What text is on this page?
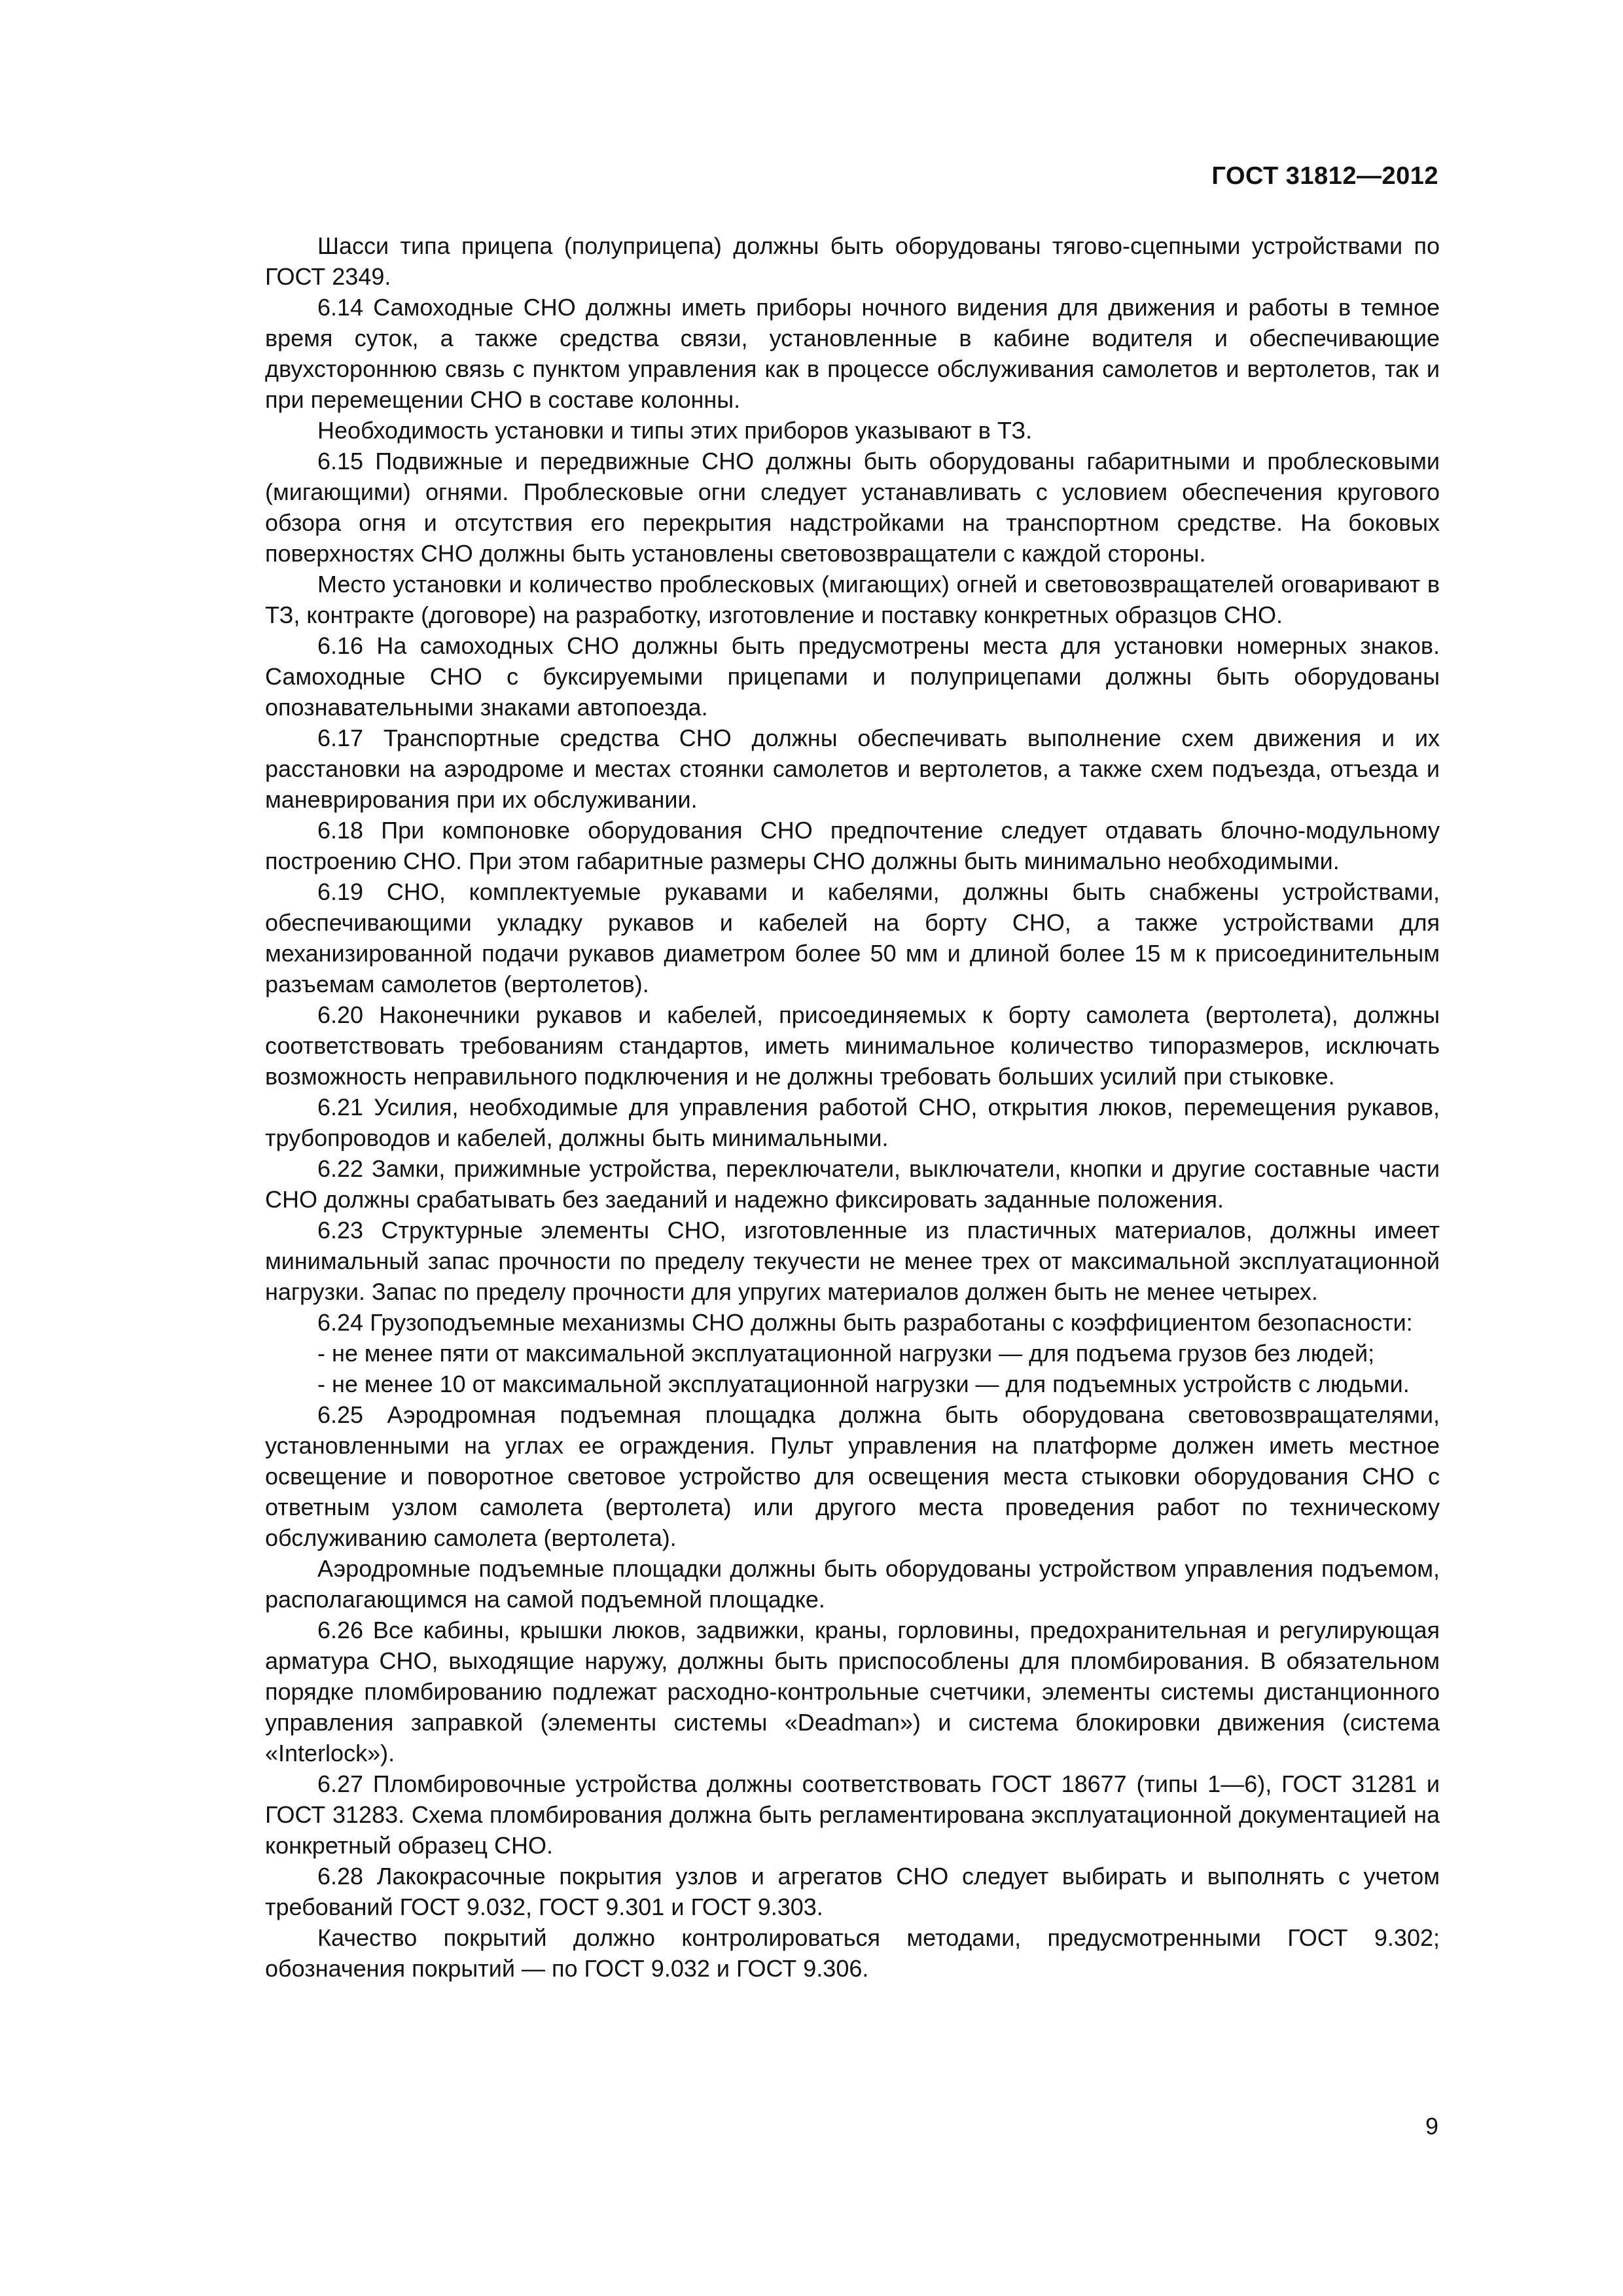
ГОСТ 31812—2012

Шасси типа прицепа (полуприцепа) должны быть оборудованы тягово-сцепными устройствами по ГОСТ 2349.

6.14 Самоходные СНО должны иметь приборы ночного видения для движения и работы в темное время суток, а также средства связи, установленные в кабине водителя и обеспечивающие двухстороннюю связь с пунктом управления как в процессе обслуживания самолетов и вертолетов, так и при перемещении СНО в составе колонны.

Необходимость установки и типы этих приборов указывают в ТЗ.

6.15 Подвижные и передвижные СНО должны быть оборудованы габаритными и проблесковыми (мигающими) огнями. Проблесковые огни следует устанавливать с условием обеспечения кругового обзора огня и отсутствия его перекрытия надстройками на транспортном средстве. На боковых поверхностях СНО должны быть установлены световозвращатели с каждой стороны.

Место установки и количество проблесковых (мигающих) огней и световозвращателей оговаривают в ТЗ, контракте (договоре) на разработку, изготовление и поставку конкретных образцов СНО.

6.16 На самоходных СНО должны быть предусмотрены места для установки номерных знаков. Самоходные СНО с буксируемыми прицепами и полуприцепами должны быть оборудованы опознавательными знаками автопоезда.

6.17 Транспортные средства СНО должны обеспечивать выполнение схем движения и их расстановки на аэродроме и местах стоянки самолетов и вертолетов, а также схем подъезда, отъезда и маневрирования при их обслуживании.

6.18 При компоновке оборудования СНО предпочтение следует отдавать блочно-модульному построению СНО. При этом габаритные размеры СНО должны быть минимально необходимыми.

6.19 СНО, комплектуемые рукавами и кабелями, должны быть снабжены устройствами, обеспечивающими укладку рукавов и кабелей на борту СНО, а также устройствами для механизированной подачи рукавов диаметром более 50 мм и длиной более 15 м к присоединительным разъемам самолетов (вертолетов).

6.20 Наконечники рукавов и кабелей, присоединяемых к борту самолета (вертолета), должны соответствовать требованиям стандартов, иметь минимальное количество типоразмеров, исключать возможность неправильного подключения и не должны требовать больших усилий при стыковке.

6.21 Усилия, необходимые для управления работой СНО, открытия люков, перемещения рукавов, трубопроводов и кабелей, должны быть минимальными.

6.22 Замки, прижимные устройства, переключатели, выключатели, кнопки и другие составные части СНО должны срабатывать без заеданий и надежно фиксировать заданные положения.

6.23 Структурные элементы СНО, изготовленные из пластичных материалов, должны имеет минимальный запас прочности по пределу текучести не менее трех от максимальной эксплуатационной нагрузки. Запас по пределу прочности для упругих материалов должен быть не менее четырех.

6.24 Грузоподъемные механизмы СНО должны быть разработаны с коэффициентом безопасности:

- не менее пяти от максимальной эксплуатационной нагрузки — для подъема грузов без людей;

- не менее 10 от максимальной эксплуатационной нагрузки — для подъемных устройств с людьми.

6.25 Аэродромная подъемная площадка должна быть оборудована световозвращателями, установленными на углах ее ограждения. Пульт управления на платформе должен иметь местное освещение и поворотное световое устройство для освещения места стыковки оборудования СНО с ответным узлом самолета (вертолета) или другого места проведения работ по техническому обслуживанию самолета (вертолета).

Аэродромные подъемные площадки должны быть оборудованы устройством управления подъемом, располагающимся на самой подъемной площадке.

6.26 Все кабины, крышки люков, задвижки, краны, горловины, предохранительная и регулирующая арматура СНО, выходящие наружу, должны быть приспособлены для пломбирования. В обязательном порядке пломбированию подлежат расходно-контрольные счетчики, элементы системы дистанционного управления заправкой (элементы системы «Deadman») и система блокировки движения (система «Interlock»).

6.27 Пломбировочные устройства должны соответствовать ГОСТ 18677 (типы 1—6), ГОСТ 31281 и ГОСТ 31283. Схема пломбирования должна быть регламентирована эксплуатационной документацией на конкретный образец СНО.

6.28 Лакокрасочные покрытия узлов и агрегатов СНО следует выбирать и выполнять с учетом требований ГОСТ 9.032, ГОСТ 9.301 и ГОСТ 9.303.

Качество покрытий должно контролироваться методами, предусмотренными ГОСТ 9.302; обозначения покрытий — по ГОСТ 9.032 и ГОСТ 9.306.

9
